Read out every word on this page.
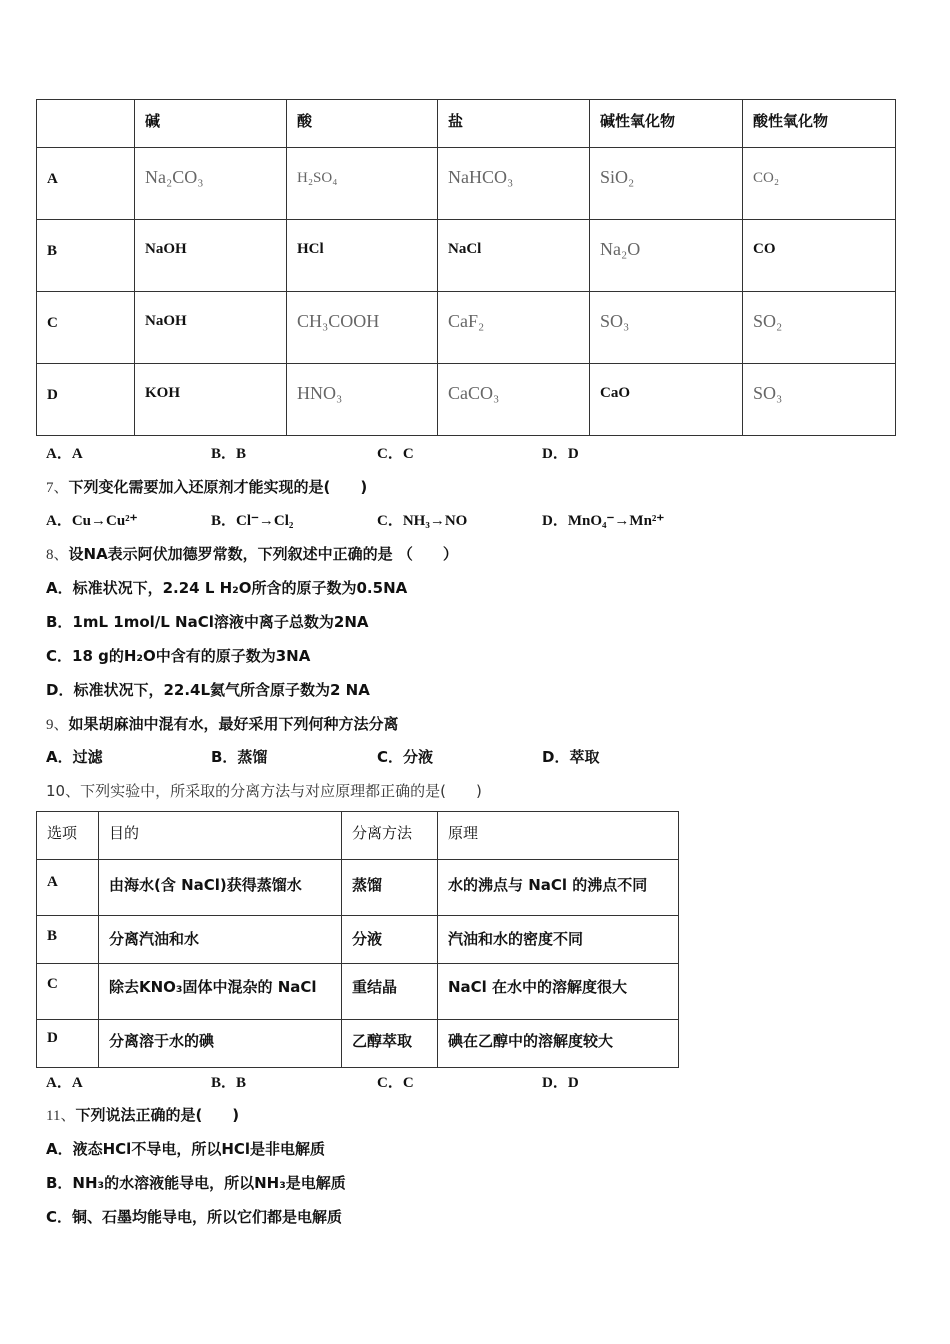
	碱	酸	盐	碱性氧化物	酸性氧化物

A	Na₂CO₃	H₂SO₄	NaHCO₃	SiO₂	CO₂

B	NaOH	HCl	NaCl	Na₂O	CO

C	NaOH	CH₃COOH	CaF₂	SO₃	SO₂

D	KOH	HNO₃	CaCO₃	CaO	SO₃
A．A	B．B	C．C	D．D
7、下列变化需要加入还原剂才能实现的是(　　)
A．Cu→Cu²⁺	B．Cl⁻→Cl₂	C．NH₃→NO	D．MnO₄⁻→Mn²⁺
8、设NA表示阿伏加德罗常数，下列叙述中正确的是 （　　）
A．标准状况下，2.24 L H₂O所含的原子数为0.5NA
B．1mL 1mol/L NaCl溶液中离子总数为2NA
C．18 g的H₂O中含有的原子数为3NA
D．标准状况下，22.4L氦气所含原子数为2 NA
9、如果胡麻油中混有水，最好采用下列何种方法分离
A．过滤	B．蒸馏	C．分液	D．萃取
10、下列实验中，所采取的分离方法与对应原理都正确的是(　　)
选项	目的	分离方法	原理

A	由海水(含 NaCl)获得蒸馏水	蒸馏	水的沸点与 NaCl 的沸点不同

B	分离汽油和水	分液	汽油和水的密度不同

C	除去KNO₃固体中混杂的 NaCl	重结晶	NaCl 在水中的溶解度很大

D	分离溶于水的碘	乙醇萃取	碘在乙醇中的溶解度较大
A．A	B．B	C．C	D．D
11、下列说法正确的是(　　)
A．液态HCl不导电，所以HCl是非电解质
B．NH₃的水溶液能导电，所以NH₃是电解质
C．铜、石墨均能导电，所以它们都是电解质
